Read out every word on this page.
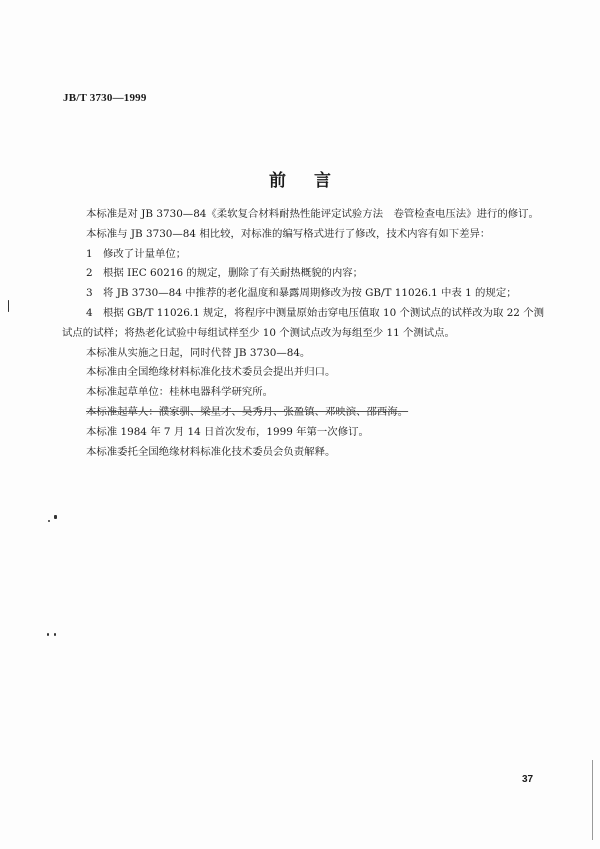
JB/T 3730—1999
前言
本标准是对 JB 3730—84《柔软复合材料耐热性能评定试验方法　卷管检查电压法》进行的修订。
本标准与 JB 3730—84 相比较，对标准的编写格式进行了修改，技术内容有如下差异：
1　修改了计量单位；
2　根据 IEC 60216 的规定，删除了有关耐热概貌的内容；
3　将 JB 3730—84 中推荐的老化温度和暴露周期修改为按 GB/T 11026.1 中表 1 的规定；
4　根据 GB/T 11026.1 规定，将程序中测量原始击穿电压值取 10 个测试点的试样改为取 22 个测试点的试样；将热老化试验中每组试样至少 10 个测试点改为每组至少 11 个测试点。
本标准从实施之日起，同时代替 JB 3730—84。
本标准由全国绝缘材料标准化技术委员会提出并归口。
本标准起草单位：桂林电器科学研究所。
本标准起草人：濮家驯、梁星才、吴秀月、张盈镇、邓映滨、邵西海。
本标准 1984 年 7 月 14 日首次发布，1999 年第一次修订。
本标准委托全国绝缘材料标准化技术委员会负责解释。
37
